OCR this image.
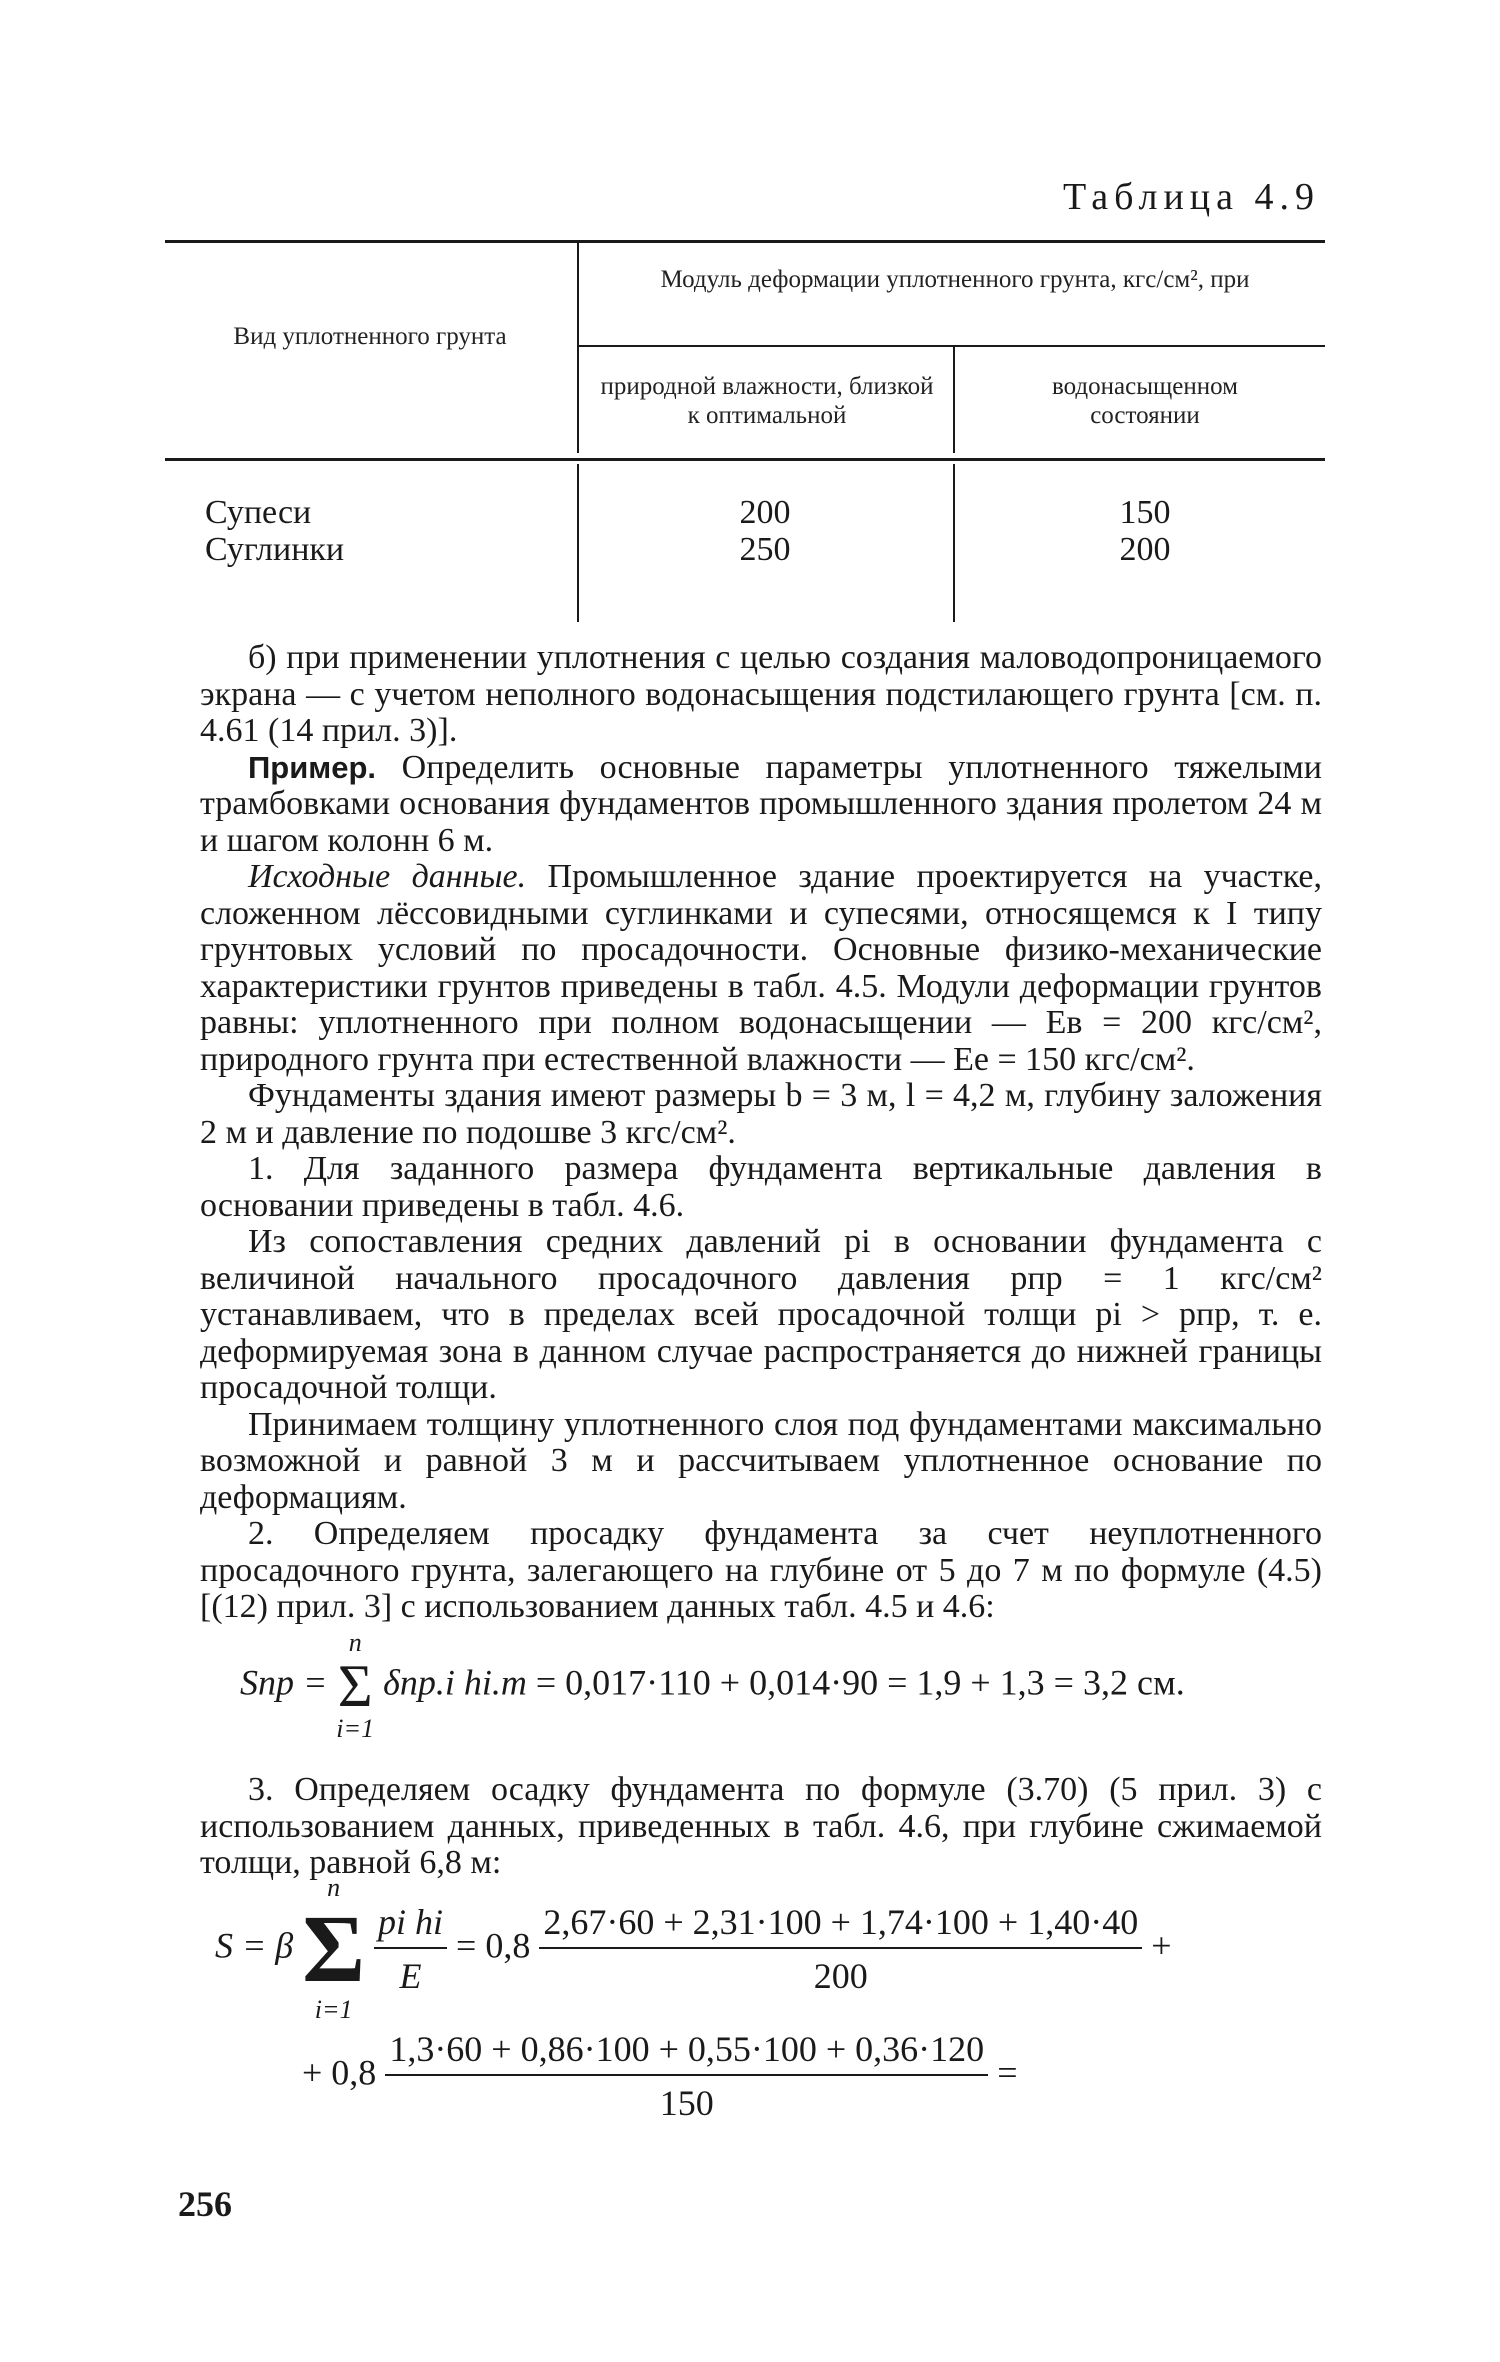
Таблица 4.9
Вид уплотненного грунта
Модуль деформации уплотненного грунта, кгс/см², при
природной влажности, близкой к оптимальной
водонасыщенном состоянии
Супеси	200	150
Суглинки	250	200

б) при применении уплотнения с целью создания маловодопроницаемого экрана — с учетом неполного водонасыщения подстилающего грунта [см. п. 4.61 (14 прил. 3)].

Пример. Определить основные параметры уплотненного тяжелыми трамбовками основания фундаментов промышленного здания пролетом 24 м и шагом колонн 6 м.

Исходные данные. Промышленное здание проектируется на участке, сложенном лёссовидными суглинками и супесями, относящемся к I типу грунтовых условий по просадочности. Основные физико-механические характеристики грунтов приведены в табл. 4.5. Модули деформации грунтов равны: уплотненного при полном водонасыщении — Eв = 200 кгс/см², природного грунта при естественной влажности — Eе = 150 кгс/см².

Фундаменты здания имеют размеры b = 3 м, l = 4,2 м, глубину заложения 2 м и давление по подошве 3 кгс/см².

1. Для заданного размера фундамента вертикальные давления в основании приведены в табл. 4.6.

Из сопоставления средних давлений pi в основании фундамента с величиной начального просадочного давления pпр = 1 кгс/см² устанавливаем, что в пределах всей просадочной толщи pi > pпр, т. е. деформируемая зона в данном случае распространяется до нижней границы просадочной толщи.

Принимаем толщину уплотненного слоя под фундаментами максимально возможной и равной 3 м и рассчитываем уплотненное основание по деформациям.

2. Определяем просадку фундамента за счет неуплотненного просадочного грунта, залегающего на глубине от 5 до 7 м по формуле (4.5) [(12) прил. 3] с использованием данных табл. 4.5 и 4.6:

Sпр =
n
Σ
i=1
δпр.i hi.m = 0,017·110 + 0,014·90 = 1,9 + 1,3 = 3,2 см.

3. Определяем осадку фундамента по формуле (3.70) (5 прил. 3) с использованием данных, приведенных в табл. 4.6, при глубине сжимаемой толщи, равной 6,8 м:

S = β
n
Σ
i=1

$\frac{\text{pi hi}}{E} = 0,8 \frac{2,67\cdot 60 + 2,31\cdot 100 + 1,74\cdot 100 + 1,40\cdot 40}{200}$ +
+ $0,8 \frac{1,3\cdot 60 + 0,86\cdot 100 + 0,55\cdot 100 + 0,36\cdot 120}{150}$ =
256
